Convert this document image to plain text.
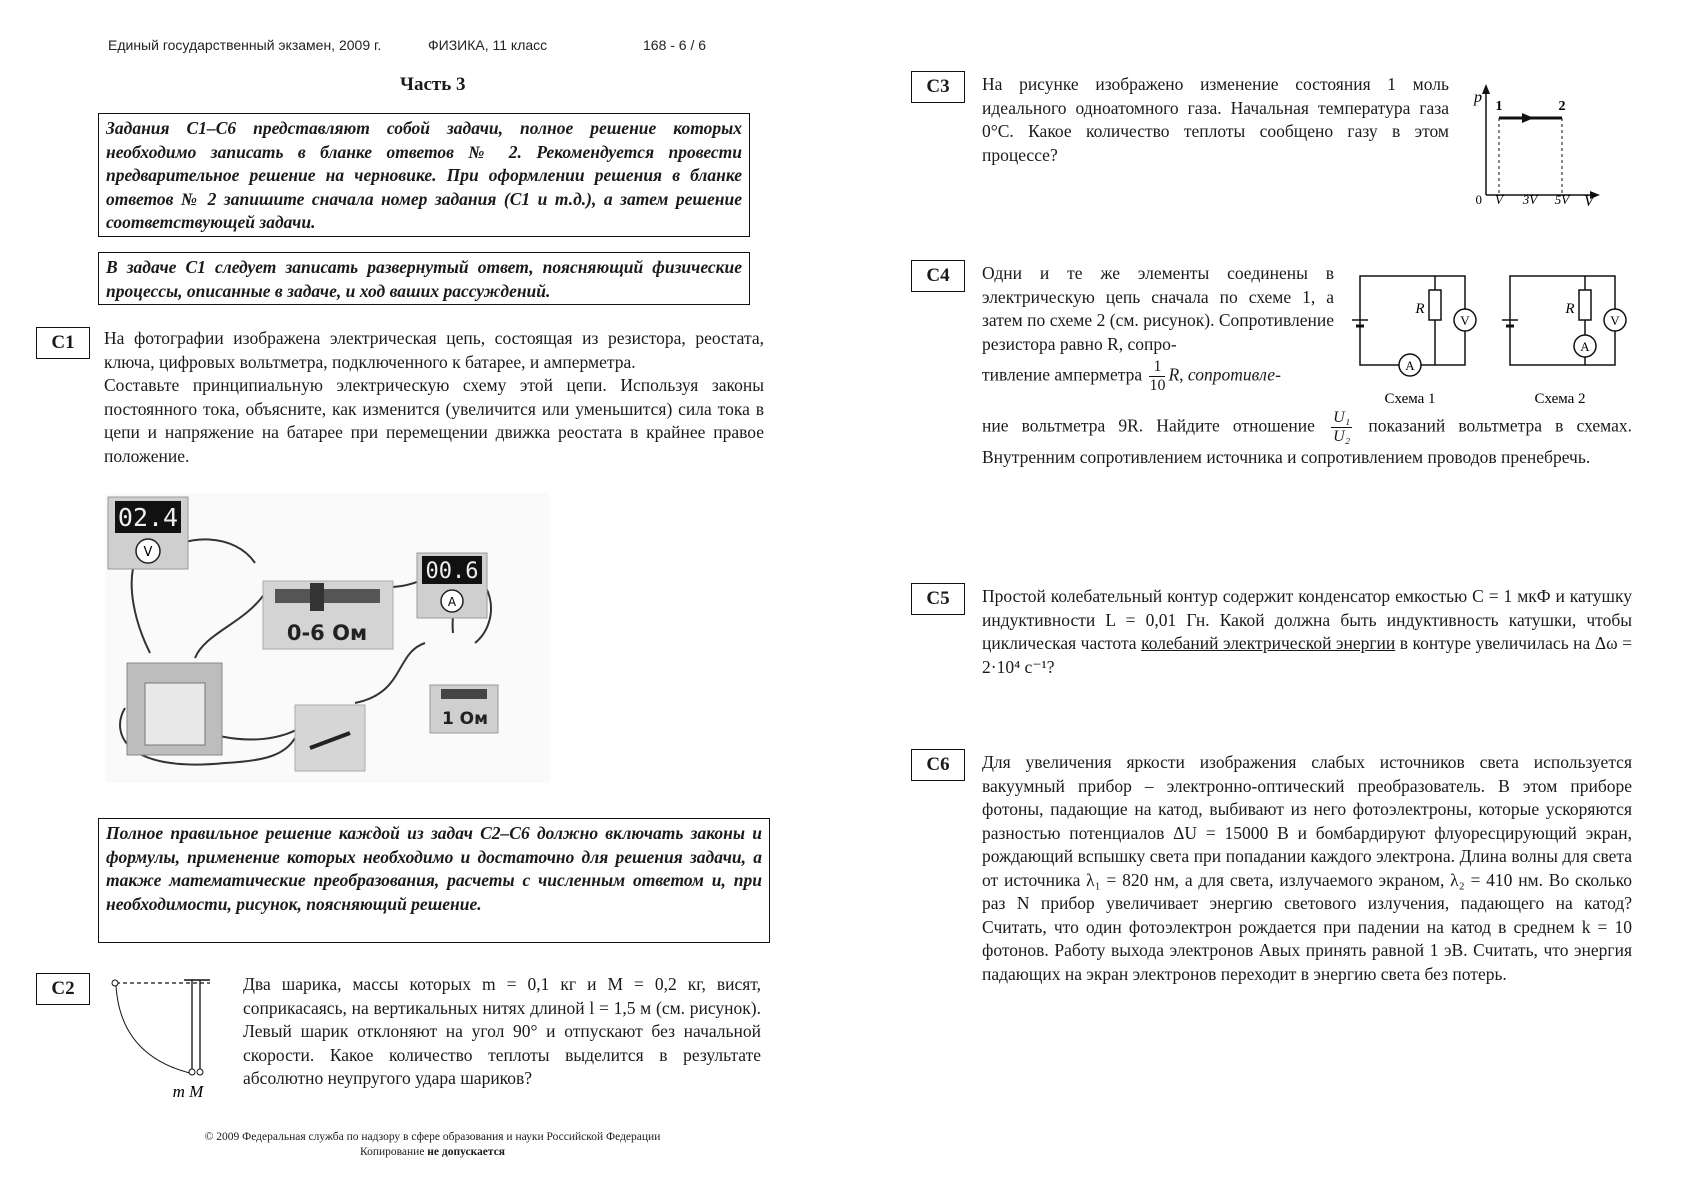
Единый государственный экзамен, 2009 г.	ФИЗИКА, 11 класс	168 - 6 / 6
Часть 3
Задания С1–С6 представляют собой задачи, полное решение которых необходимо записать в бланке ответов № 2. Рекомендуется провести предварительное решение на черновике. При оформлении решения в бланке ответов № 2 запишите сначала номер задания (С1 и т.д.), а затем решение соответствующей задачи.
В задаче С1 следует записать развернутый ответ, поясняющий физические процессы, описанные в задаче, и ход ваших рассуждений.
С1	На фотографии изображена электрическая цепь, состоящая из резистора, реостата, ключа, цифровых вольтметра, подключенного к батарее, и амперметра.

Составьте принципиальную электрическую схему этой цепи. Используя законы постоянного тока, объясните, как изменится (увеличится или уменьшится) сила тока в цепи и напряжение на батарее при перемещении движка реостата в крайнее правое положение.

02.4
V
0-6 Ом
00.6
A
1 Ом
Полное правильное решение каждой из задач С2–С6 должно включать законы и формулы, применение которых необходимо и достаточно для решения задачи, а также математические преобразования, расчеты с численным ответом и, при необходимости, рисунок, поясняющий решение.
С2
m M
Два шарика, массы которых m = 0,1 кг и M = 0,2 кг, висят, соприкасаясь, на вертикальных нитях длиной l = 1,5 м (см. рисунок). Левый шарик отклоняют на угол 90° и отпускают без начальной скорости. Какое количество теплоты выделится в результате абсолютно неупругого удара шариков?
© 2009 Федеральная служба по надзору в сфере образования и науки Российской Федерации
Копирование не допускается
С3	На рисунке изображено изменение состояния 1 моль идеального одноатомного газа. Начальная температура газа 0°С. Какое количество теплоты сообщено газу в этом процессе?
p
V
1	2
0 V 3V 5V
С4	Одни и те же элементы соединены в электрическую цепь сначала по схеме 1, а затем по схеме 2 (см. рисунок). Сопротивление резистора равно R, сопро-
тивление амперметра $\frac{1}{10} R$, сопротивле-
ние вольтметра 9R. Найдите отношение $\frac{\text{U₁}}{\text{U₂}}$ показаний вольтметра в схемах. Внутренним сопротивлением источника и сопротивлением проводов пренебречь.
A
V
R
Схема 1
A
V
R
Схема 2
С5	Простой колебательный контур содержит конденсатор емкостью C = 1 мкФ и катушку индуктивности L = 0,01 Гн. Какой должна быть индуктивность катушки, чтобы циклическая частота колебаний электрической энергии в контуре увеличилась на Δω = 2·10⁴ с⁻¹?
С6	Для увеличения яркости изображения слабых источников света используется вакуумный прибор – электронно-оптический преобразователь. В этом приборе фотоны, падающие на катод, выбивают из него фотоэлектроны, которые ускоряются разностью потенциалов ΔU = 15000 В и бомбардируют флуоресцирующий экран, рождающий вспышку света при попадании каждого электрона. Длина волны для света от источника λ₁ = 820 нм, а для света, излучаемого экраном, λ₂ = 410 нм. Во сколько раз N прибор увеличивает энергию светового излучения, падающего на катод? Считать, что один фотоэлектрон рождается при падении на катод в среднем k = 10 фотонов. Работу выхода электронов Aвых принять равной 1 эВ. Считать, что энергия падающих на экран электронов переходит в энергию света без потерь.
